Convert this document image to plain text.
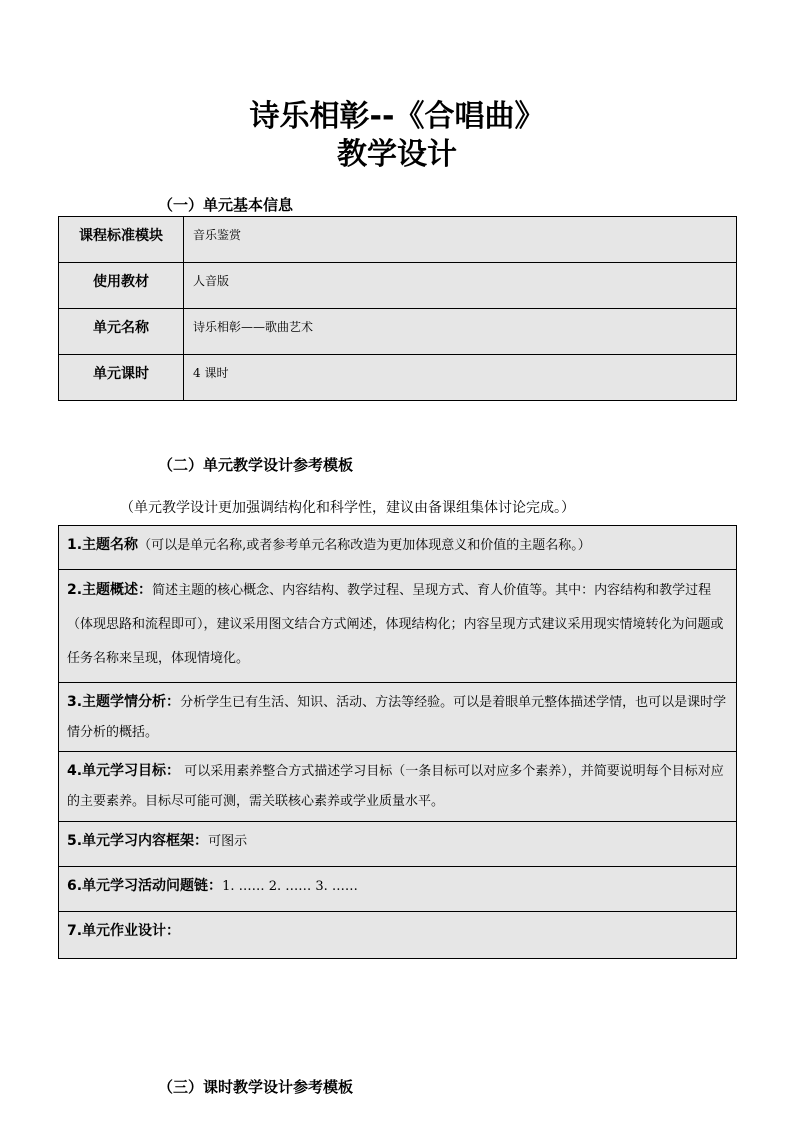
诗乐相彰--《合唱曲》
教学设计
（一）单元基本信息
课程标准模块	音乐鉴赏
使用教材	人音版
单元名称	诗乐相彰——歌曲艺术
单元课时	4 课时
（二）单元教学设计参考模板
（单元教学设计更加强调结构化和科学性，建议由备课组集体讨论完成。）
1.主题名称（可以是单元名称,或者参考单元名称改造为更加体现意义和价值的主题名称。）
2.主题概述：简述主题的核心概念、内容结构、教学过程、呈现方式、育人价值等。其中：内容结构和教学过程（体现思路和流程即可），建议采用图文结合方式阐述，体现结构化；内容呈现方式建议采用现实情境转化为问题或任务名称来呈现，体现情境化。
3.主题学情分析：分析学生已有生活、知识、活动、方法等经验。可以是着眼单元整体描述学情，也可以是课时学情分析的概括。
4.单元学习目标： 可以采用素养整合方式描述学习目标（一条目标可以对应多个素养），并简要说明每个目标对应的主要素养。目标尽可能可测，需关联核心素养或学业质量水平。
5.单元学习内容框架：可图示
6.单元学习活动问题链：1. …… 2. …… 3. ……
7.单元作业设计：
（三）课时教学设计参考模板
